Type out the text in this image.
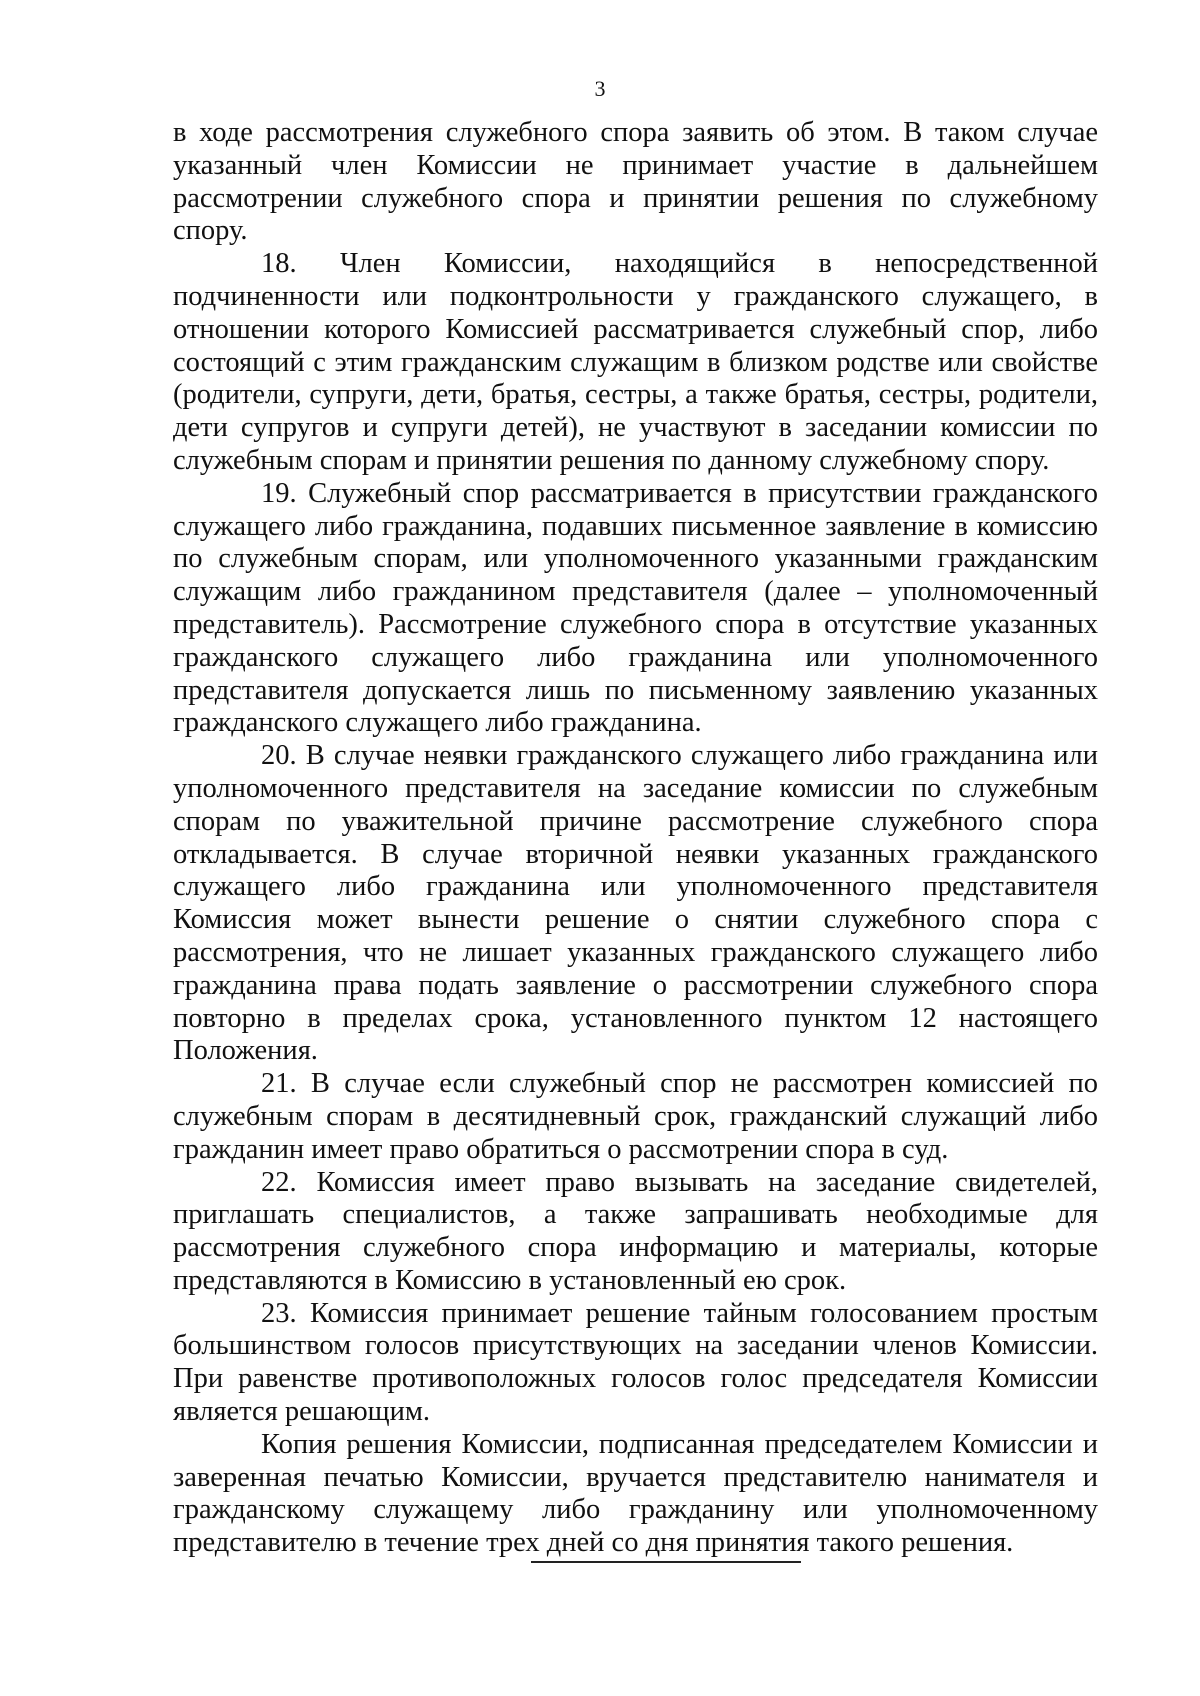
3

в ходе рассмотрения служебного спора заявить об этом. В таком случае указанный член Комиссии не принимает участие в дальнейшем рассмотрении служебного спора и принятии решения по служебному спору.

18. Член Комиссии, находящийся в непосредственной подчиненности или подконтрольности у гражданского служащего, в отношении которого Комиссией рассматривается служебный спор, либо состоящий с этим гражданским служащим в близком родстве или свойстве (родители, супруги, дети, братья, сестры, а также братья, сестры, родители, дети супругов и супруги детей), не участвуют в заседании комиссии по служебным спорам и принятии решения по данному служебному спору.

19. Служебный спор рассматривается в присутствии гражданского служащего либо гражданина, подавших письменное заявление в комиссию по служебным спорам, или уполномоченного указанными гражданским служащим либо гражданином представителя (далее – уполномоченный представитель). Рассмотрение служебного спора в отсутствие указанных гражданского служащего либо гражданина или уполномоченного представителя допускается лишь по письменному заявлению указанных гражданского служащего либо гражданина.

20. В случае неявки гражданского служащего либо гражданина или уполномоченного представителя на заседание комиссии по служебным спорам по уважительной причине рассмотрение служебного спора откладывается. В случае вторичной неявки указанных гражданского служащего либо гражданина или уполномоченного представителя Комиссия может вынести решение о снятии служебного спора с рассмотрения, что не лишает указанных гражданского служащего либо гражданина права подать заявление о рассмотрении служебного спора повторно в пределах срока, установленного пунктом 12 настоящего Положения.

21. В случае если служебный спор не рассмотрен комиссией по служебным спорам в десятидневный срок, гражданский служащий либо гражданин имеет право обратиться о рассмотрении спора в суд.

22. Комиссия имеет право вызывать на заседание свидетелей, приглашать специалистов, а также запрашивать необходимые для рассмотрения служебного спора информацию и материалы, которые представляются в Комиссию в установленный ею срок.

23. Комиссия принимает решение тайным голосованием простым большинством голосов присутствующих на заседании членов Комиссии. При равенстве противоположных голосов голос председателя Комиссии является решающим.

Копия решения Комиссии, подписанная председателем Комиссии и заверенная печатью Комиссии, вручается представителю нанимателя и гражданскому служащему либо гражданину или уполномоченному представителю в течение трех дней со дня принятия такого решения.
